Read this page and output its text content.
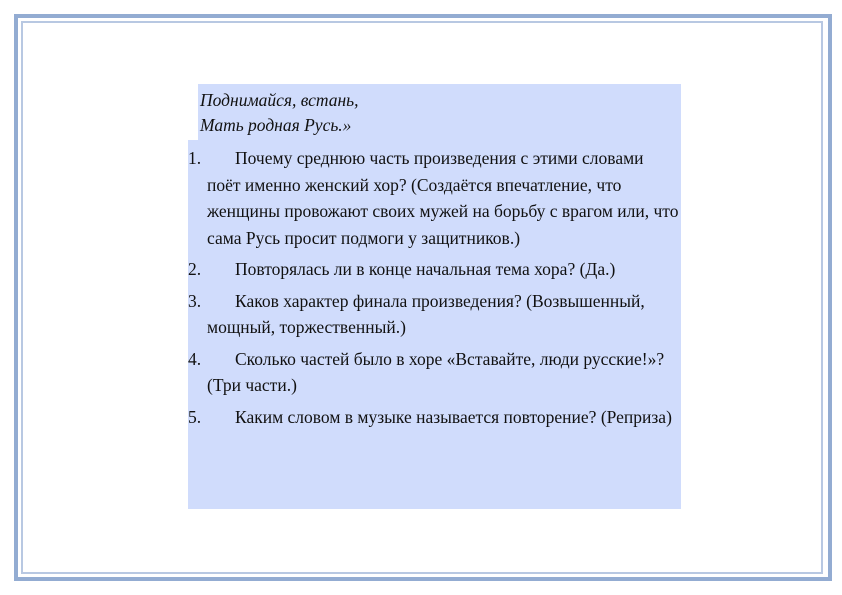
Поднимайся, встань,
Мать родная Русь.»
1.	Почему среднюю часть произведения с этими словами поёт именно женский хор? (Создаётся впечатление, что женщины провожают своих мужей на борьбу с врагом или, что сама Русь просит подмоги у защитников.)
2.	Повторялась ли в конце начальная тема хора? (Да.)
3.	Каков характер финала произведения? (Возвышенный, мощный, торжественный.)
4.	Сколько частей было в хоре «Вставайте, люди русские!»? (Три части.)
5.	Каким словом в музыке называется повторение? (Реприза)
